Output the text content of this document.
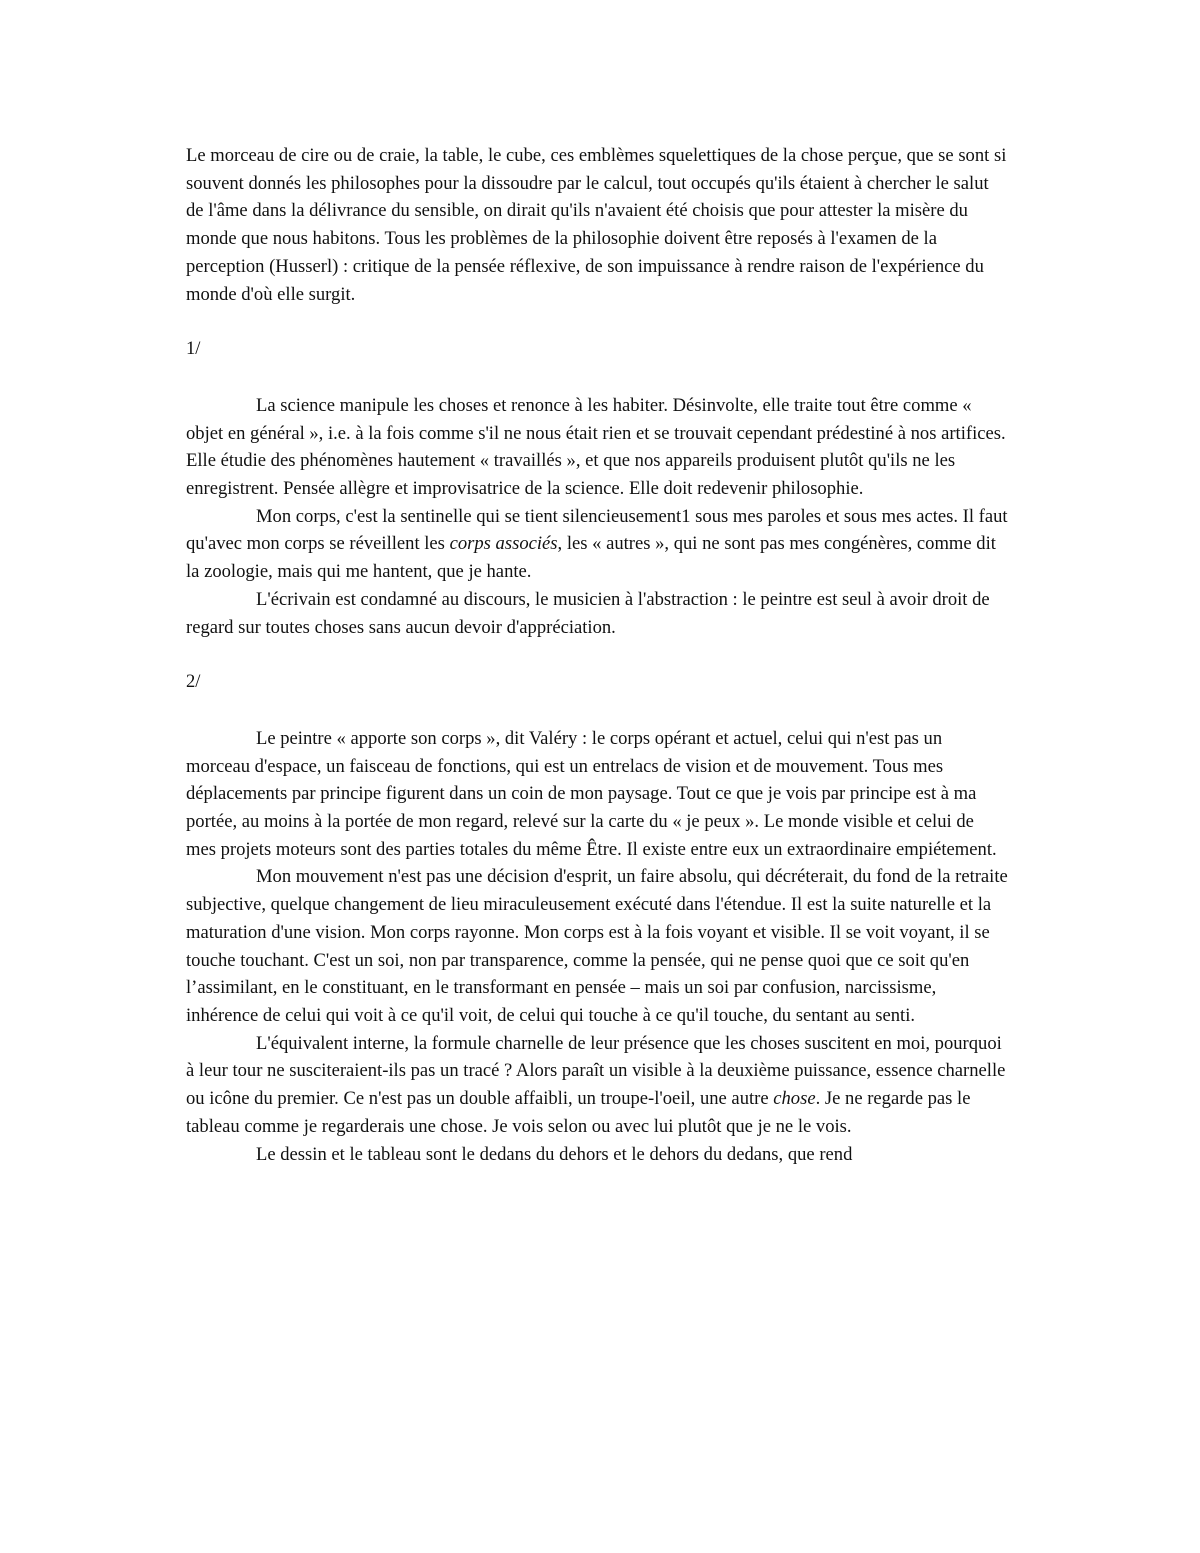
Le morceau de cire ou de craie, la table, le cube, ces emblèmes squelettiques de la chose perçue, que se sont si souvent donnés les philosophes pour la dissoudre par le calcul, tout occupés qu'ils étaient à chercher le salut de l'âme dans la délivrance du sensible, on dirait qu'ils n'avaient été choisis que pour attester la misère du monde que nous habitons. Tous les problèmes de la philosophie doivent être reposés à l'examen de la perception (Husserl) : critique de la pensée réflexive, de son impuissance à rendre raison de l'expérience du monde d'où elle surgit.

1/

La science manipule les choses et renonce à les habiter. Désinvolte, elle traite tout être comme « objet en général », i.e. à la fois comme s'il ne nous était rien et se trouvait cependant prédestiné à nos artifices. Elle étudie des phénomènes hautement « travaillés », et que nos appareils produisent plutôt qu'ils ne les enregistrent. Pensée allègre et improvisatrice de la science. Elle doit redevenir philosophie.

Mon corps, c'est la sentinelle qui se tient silencieusement1 sous mes paroles et sous mes actes. Il faut qu'avec mon corps se réveillent les corps associés, les « autres », qui ne sont pas mes congénères, comme dit la zoologie, mais qui me hantent, que je hante.

L'écrivain est condamné au discours, le musicien à l'abstraction : le peintre est seul à avoir droit de regard sur toutes choses sans aucun devoir d'appréciation.

2/

Le peintre « apporte son corps », dit Valéry : le corps opérant et actuel, celui qui n'est pas un morceau d'espace, un faisceau de fonctions, qui est un entrelacs de vision et de mouvement. Tous mes déplacements par principe figurent dans un coin de mon paysage. Tout ce que je vois par principe est à ma portée, au moins à la portée de mon regard, relevé sur la carte du « je peux ». Le monde visible et celui de mes projets moteurs sont des parties totales du même Être. Il existe entre eux un extraordinaire empiétement.

Mon mouvement n'est pas une décision d'esprit, un faire absolu, qui décréterait, du fond de la retraite subjective, quelque changement de lieu miraculeusement exécuté dans l'étendue. Il est la suite naturelle et la maturation d'une vision. Mon corps rayonne. Mon corps est à la fois voyant et visible. Il se voit voyant, il se touche touchant. C'est un soi, non par transparence, comme la pensée, qui ne pense quoi que ce soit qu'en l’assimilant, en le constituant, en le transformant en pensée – mais un soi par confusion, narcissisme, inhérence de celui qui voit à ce qu'il voit, de celui qui touche à ce qu'il touche, du sentant au senti.

L'équivalent interne, la formule charnelle de leur présence que les choses suscitent en moi, pourquoi à leur tour ne susciteraient-ils pas un tracé ? Alors paraît un visible à la deuxième puissance, essence charnelle ou icône du premier. Ce n'est pas un double affaibli, un troupe-l'oeil, une autre chose. Je ne regarde pas le tableau comme je regarderais une chose. Je vois selon ou avec lui plutôt que je ne le vois.

Le dessin et le tableau sont le dedans du dehors et le dehors du dedans, que rend
